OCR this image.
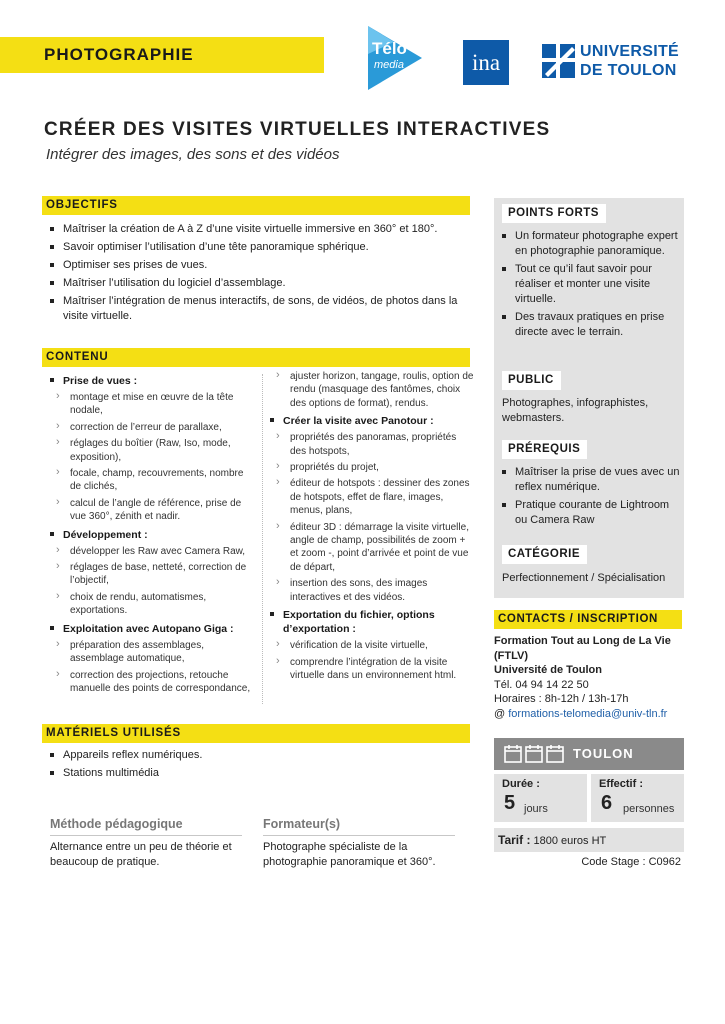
PHOTOGRAPHIE	Télo
media	ina	UNIVERSITÉ
DE TOULON
CRÉER DES VISITES VIRTUELLES INTERACTIVES
Intégrer des images, des sons et des vidéos
OBJECTIFS
Maîtriser la création de A à Z d’une visite virtuelle immersive en 360° et 180°.
Savoir optimiser l’utilisation d’une tête panoramique sphérique.
Optimiser ses prises de vues.
Maîtriser l’utilisation du logiciel d’assemblage.
Maîtriser l’intégration de menus interactifs, de sons, de vidéos, de photos dans la visite virtuelle.
CONTENU
Prise de vues :
› montage et mise en œuvre de la tête nodale,
› correction de l’erreur de parallaxe,
› réglages du boîtier (Raw, Iso, mode, exposition),
› focale, champ, recouvrements, nombre de clichés,
› calcul de l’angle de référence, prise de vue 360°, zénith et nadir.
Développement :
› développer les Raw avec Camera Raw,
› réglages de base, netteté, correction de l’objectif,
› choix de rendu, automatismes, exportations.
Exploitation avec Autopano Giga :
› préparation des assemblages, assemblage automatique,
› correction des projections, retouche manuelle des points de correspondance,
› ajuster horizon, tangage, roulis, option de rendu (masquage des fantômes, choix des options de format), rendus.
Créer la visite avec Panotour :
› propriétés des panoramas, propriétés des hotspots,
› propriétés du projet,
› éditeur de hotspots : dessiner des zones de hotspots, effet de flare, images, menus, plans,
› éditeur 3D : démarrage la visite virtuelle, angle de champ, possibilités de zoom + et zoom -, point d’arrivée et point de vue de départ,
› insertion des sons, des images interactives et des vidéos.
Exportation du fichier, options d’exportation :
› vérification de la visite virtuelle,
› comprendre l’intégration de la visite virtuelle dans un environnement html.
MATÉRIELS UTILISÉS
Appareils reflex numériques.
Stations multimédia
Méthode pédagogique
Alternance entre un peu de théorie et beaucoup de pratique.
Formateur(s)
Photographe spécialiste de la photographie panoramique et 360°.
POINTS FORTS
Un formateur photographe expert en photographie panoramique.
Tout ce qu’il faut savoir pour réaliser et monter une visite virtuelle.
Des travaux pratiques en prise directe avec le terrain.
PUBLIC
Photographes, infographistes, webmasters.
PRÉREQUIS
Maîtriser la prise de vues avec un reflex numérique.
Pratique courante de Lightroom ou Camera Raw
CATÉGORIE
Perfectionnement / Spécialisation
CONTACTS / INSCRIPTION
Formation Tout au Long de La Vie (FTLV)
Université de Toulon
Tél. 04 94 14 22 50
Horaires : 8h-12h / 13h-17h
@ formations-telomedia@univ-tln.fr
TOULON
Durée :
5 jours
Effectif :
6 personnes
Tarif : 1800 euros HT
Code Stage : C0962
